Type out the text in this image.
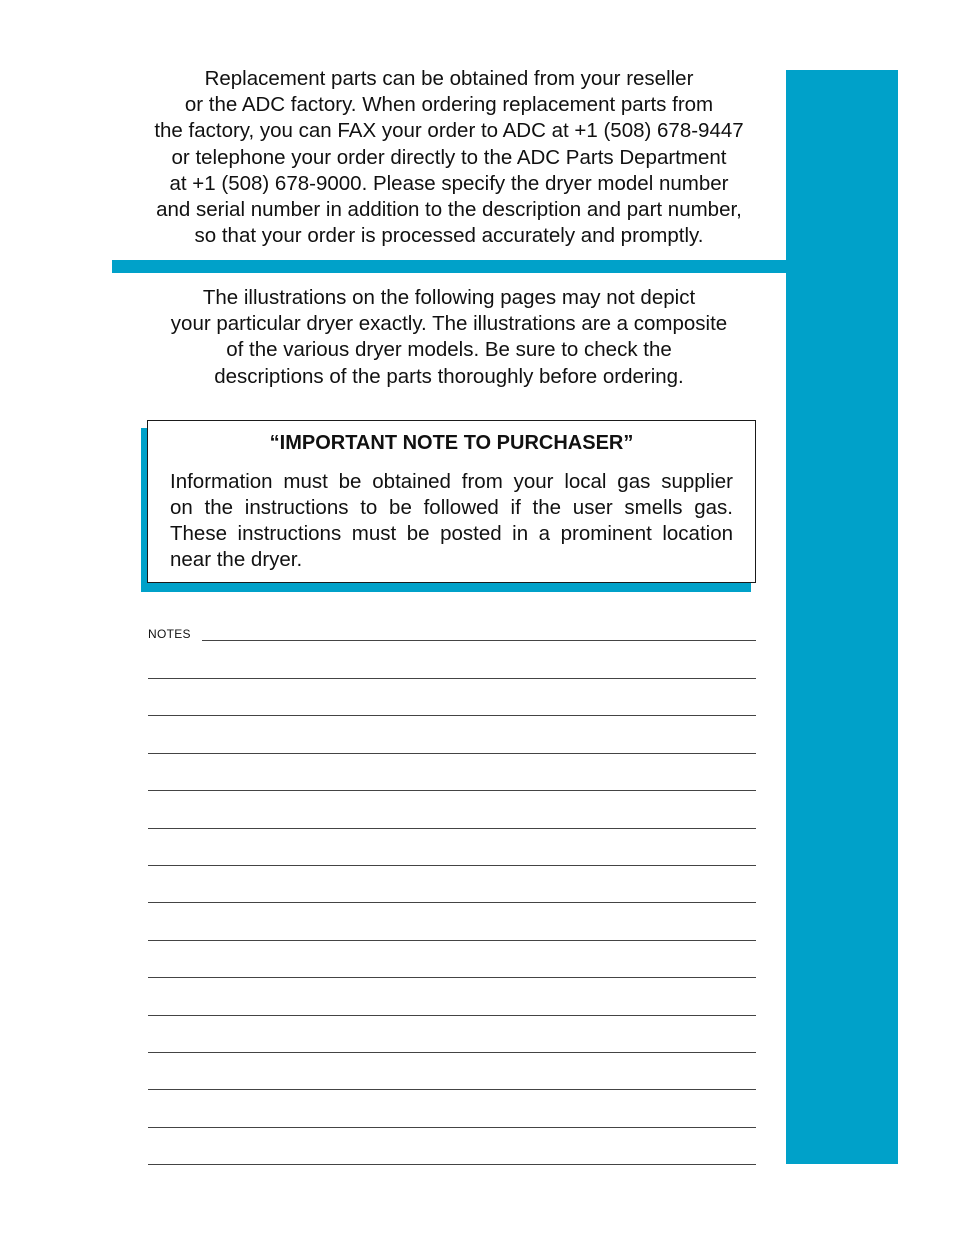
Replacement parts can be obtained from your reseller
or the ADC factory. When ordering replacement parts from
the factory, you can FAX your order to ADC at +1 (508) 678-9447
or telephone your order directly to the ADC Parts Department
at +1 (508) 678-9000. Please specify the dryer model number
and serial number in addition to the description and part number,
so that your order is processed accurately and promptly.
The illustrations on the following pages may not depict
your particular dryer exactly. The illustrations are a composite
of the various dryer models. Be sure to check the
descriptions of the parts thoroughly before ordering.
“IMPORTANT NOTE TO PURCHASER”
Information must be obtained from your local gas supplier
on the instructions to be followed if the user smells gas.
These instructions must be posted in a prominent location
near the dryer.
NOTES
